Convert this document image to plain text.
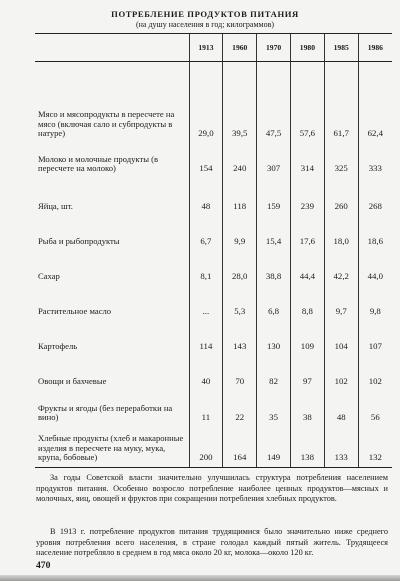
ПОТРЕБЛЕНИЕ ПРОДУКТОВ ПИТАНИЯ
(на душу населения в год; килограммов)
	1913	1960	1970	1980	1985	1986
Мясо и мясопродукты в пересчете на мясо (включая сало и субпродукты в натуре)	29,0	39,5	47,5	57,6	61,7	62,4
Молоко и молочные продукты (в пересчете на молоко)	154	240	307	314	325	333
Яйца, шт.	48	118	159	239	260	268
Рыба и рыбопродукты	6,7	9,9	15,4	17,6	18,0	18,6
Сахар	8,1	28,0	38,8	44,4	42,2	44,0
Растительное масло	...	5,3	6,8	8,8	9,7	9,8
Картофель	114	143	130	109	104	107
Овощи и бахчевые	40	70	82	97	102	102
Фрукты и ягоды (без переработки на вино)	11	22	35	38	48	56
Хлебные продукты (хлеб и макаронные изделия в пересчете на муку, мука, крупа, бобовые)	200	164	149	138	133	132

За годы Советской власти значительно улучшилась структура потребления населением продуктов питания. Особенно возросло потребление наиболее ценных продуктов—мясных и молочных, яиц, овощей и фруктов при сокращении потребления хлебных продуктов.

В 1913 г. потребление продуктов питания трудящимися было значительно ниже среднего уровня потребления всего населения, в стране голодал каждый пятый житель. Трудящееся население потребляло в среднем в год мяса около 20 кг, молока—около 120 кг.

470
